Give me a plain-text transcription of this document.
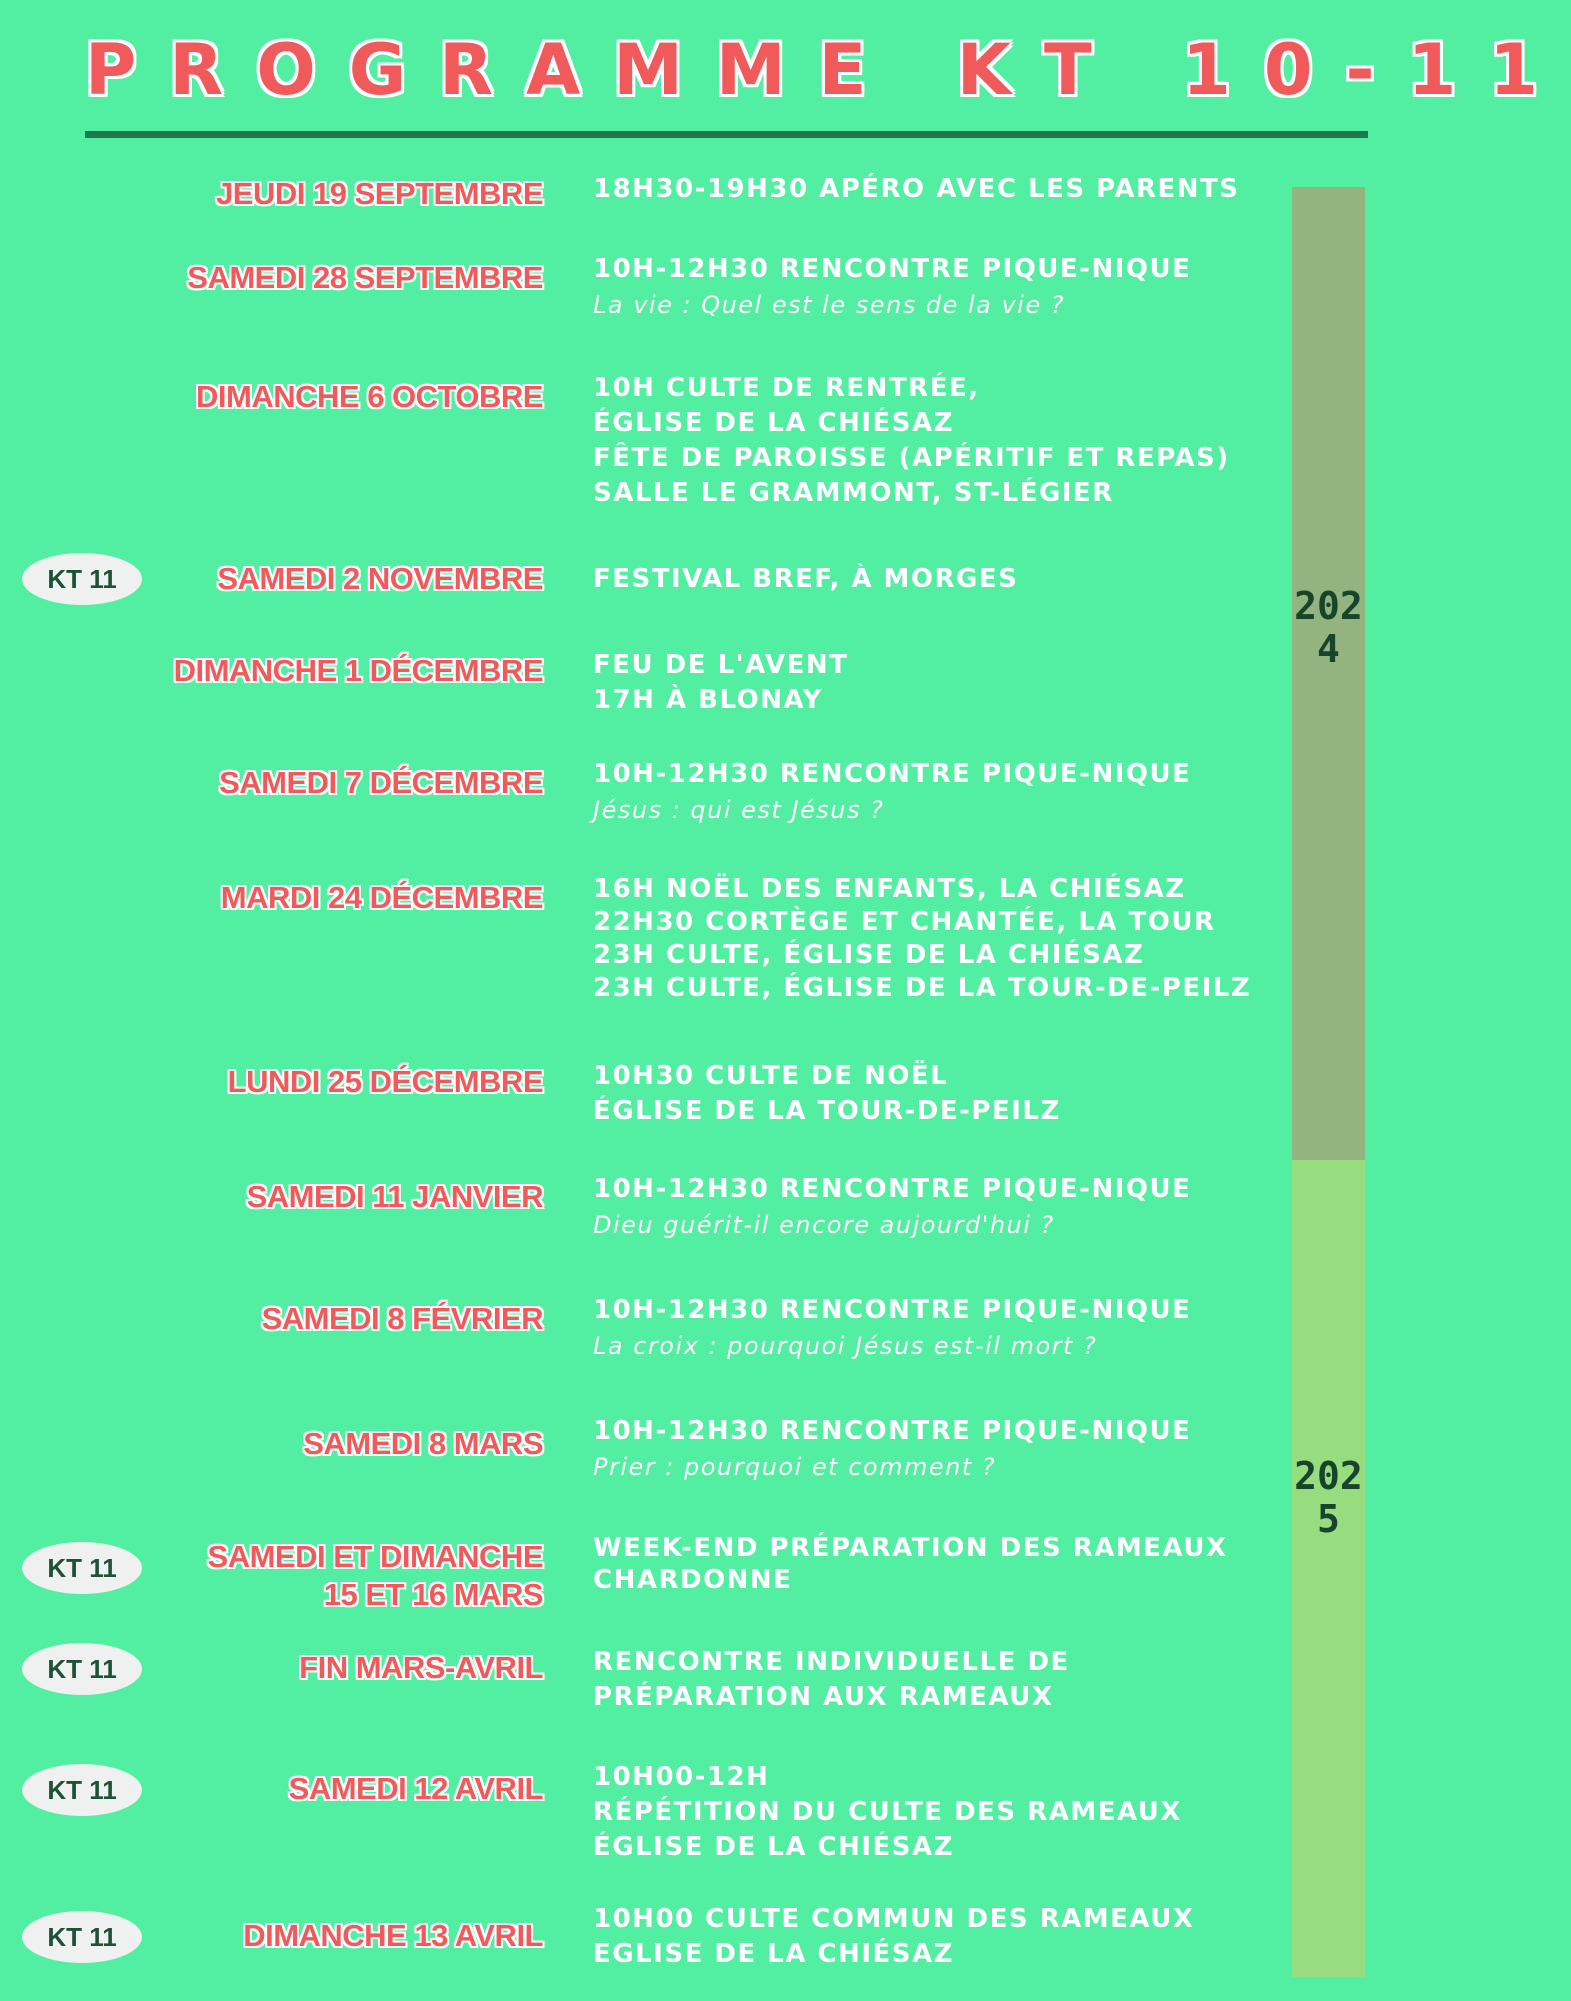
PROGRAMME KT 10-11
2024
2025
JEUDI 19 SEPTEMBRE 18H30-19H30 APÉRO AVEC LES PARENTS
SAMEDI 28 SEPTEMBRE 10H-12H30 RENCONTRE PIQUE-NIQUE
La vie : Quel est le sens de la vie ?
DIMANCHE 6 OCTOBRE 10H CULTE DE RENTRÉE,
ÉGLISE DE LA CHIÉSAZ
FÊTE DE PAROISSE (APÉRITIF ET REPAS)
SALLE LE GRAMMONT, ST-LÉGIER
KT 11	SAMEDI 2 NOVEMBRE FESTIVAL BREF, À MORGES
DIMANCHE 1 DÉCEMBRE FEU DE L'AVENT
17H À BLONAY
SAMEDI 7 DÉCEMBRE 10H-12H30 RENCONTRE PIQUE-NIQUE
Jésus : qui est Jésus ?
MARDI 24 DÉCEMBRE 16H NOËL DES ENFANTS, LA CHIÉSAZ
22H30 CORTÈGE ET CHANTÉE, LA TOUR
23H CULTE, ÉGLISE DE LA CHIÉSAZ
23H CULTE, ÉGLISE DE LA TOUR-DE-PEILZ
LUNDI 25 DÉCEMBRE 10H30 CULTE DE NOËL
ÉGLISE DE LA TOUR-DE-PEILZ
SAMEDI 11 JANVIER 10H-12H30 RENCONTRE PIQUE-NIQUE
Dieu guérit-il encore aujourd'hui ?
SAMEDI 8 FÉVRIER 10H-12H30 RENCONTRE PIQUE-NIQUE
La croix : pourquoi Jésus est-il mort ?
SAMEDI 8 MARS 10H-12H30 RENCONTRE PIQUE-NIQUE
Prier : pourquoi et comment ?
KT 11	SAMEDI ET DIMANCHE
15 ET 16 MARS
WEEK-END PRÉPARATION DES RAMEAUX
CHARDONNE
KT 11	FIN MARS-AVRIL RENCONTRE INDIVIDUELLE DE
PRÉPARATION AUX RAMEAUX
KT 11	SAMEDI 12 AVRIL 10H00-12H
RÉPÉTITION DU CULTE DES RAMEAUX
ÉGLISE DE LA CHIÉSAZ
KT 11	DIMANCHE 13 AVRIL 10H00 CULTE COMMUN DES RAMEAUX
EGLISE DE LA CHIÉSAZ
